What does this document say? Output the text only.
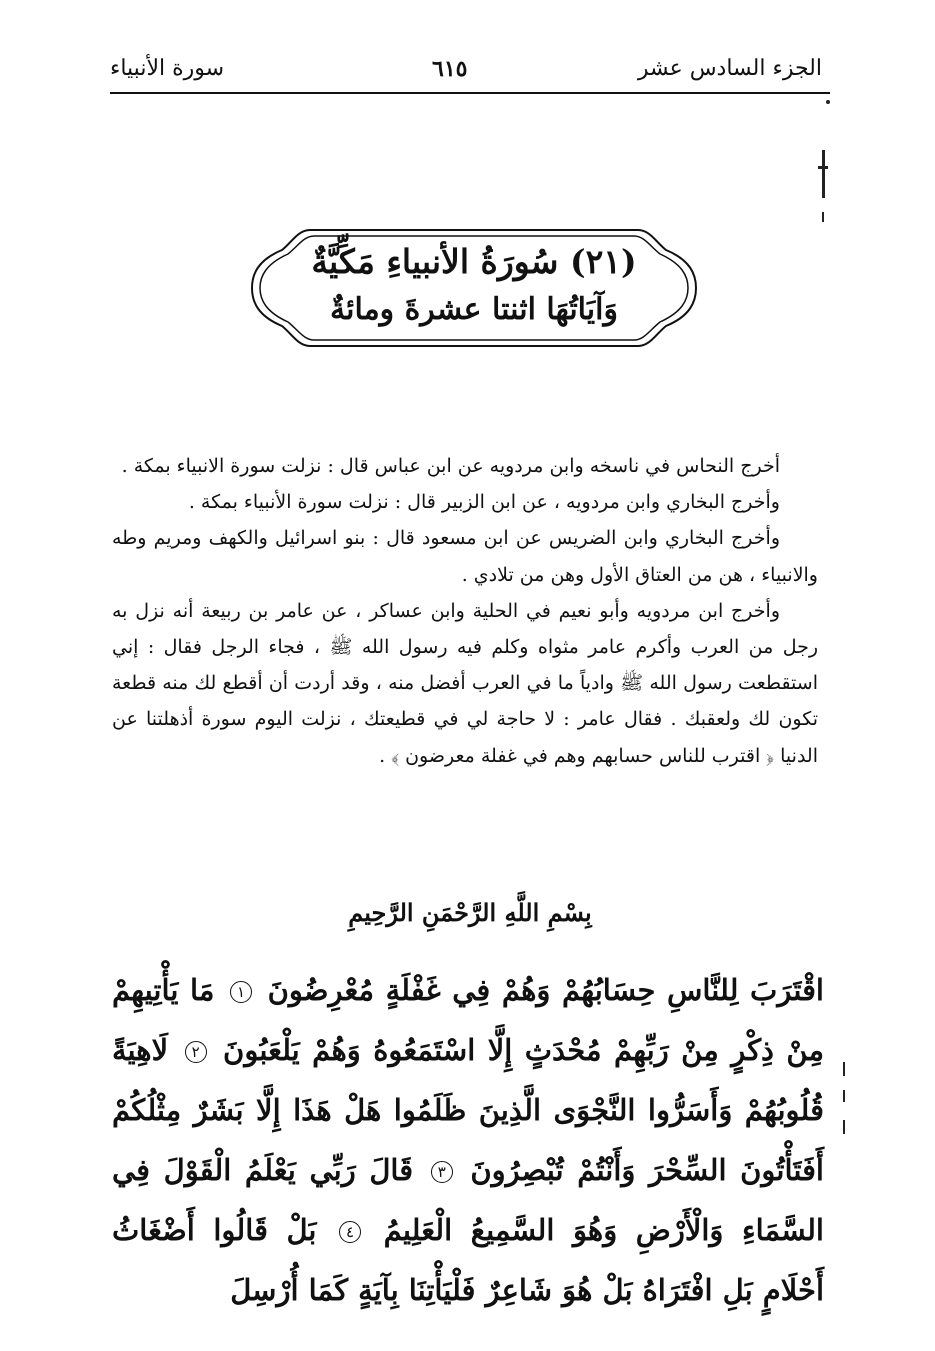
الجزء السادس عشر
٦١٥
سورة الأنبياء
(٢١) سُورَةُ الأنبياءِ مَكِّيَّةٌ
وَآيَاتُهَا اثنتا عشرةَ ومائةٌ

أخرج النحاس في ناسخه وابن مردويه عن ابن عباس قال : نزلت سورة الانبياء بمكة .

وأخرج البخاري وابن مردويه ، عن ابن الزبير قال : نزلت سورة الأنبياء بمكة .

وأخرج البخاري وابن الضريس عن ابن مسعود قال : بنو اسرائيل والكهف ومريم وطه والانبياء ، هن من العتاق الأول وهن من تلادي .

وأخرج ابن مردويه وأبو نعيم في الحلية وابن عساكر ، عن عامر بن ربيعة أنه نزل به رجل من العرب وأكرم عامر مثواه وكلم فيه رسول الله ﷺ ، فجاء الرجل فقال : إني استقطعت رسول الله ﷺ وادياً ما في العرب أفضل منه ، وقد أردت أن أقطع لك منه قطعة تكون لك ولعقبك . فقال عامر : لا حاجة لي في قطيعتك ، نزلت اليوم سورة أذهلتنا عن الدنيا ﴿ اقترب للناس حسابهم وهم في غفلة معرضون ﴾ .

بِسْمِ اللَّهِ الرَّحْمَنِ الرَّحِيمِ

اقْتَرَبَ لِلنَّاسِ حِسَابُهُمْ وَهُمْ فِي غَفْلَةٍ مُعْرِضُونَ ١ مَا يَأْتِيهِمْ مِنْ ذِكْرٍ مِنْ رَبِّهِمْ مُحْدَثٍ إِلَّا اسْتَمَعُوهُ وَهُمْ يَلْعَبُونَ ٢ لَاهِيَةً قُلُوبُهُمْ وَأَسَرُّوا النَّجْوَى الَّذِينَ ظَلَمُوا هَلْ هَذَا إِلَّا بَشَرٌ مِثْلُكُمْ أَفَتَأْتُونَ السِّحْرَ وَأَنْتُمْ تُبْصِرُونَ ٣ قَالَ رَبِّي يَعْلَمُ الْقَوْلَ فِي السَّمَاءِ وَالْأَرْضِ وَهُوَ السَّمِيعُ الْعَلِيمُ ٤ بَلْ قَالُوا أَضْغَاثُ أَحْلَامٍ بَلِ افْتَرَاهُ بَلْ هُوَ شَاعِرٌ فَلْيَأْتِنَا بِآيَةٍ كَمَا أُرْسِلَ
